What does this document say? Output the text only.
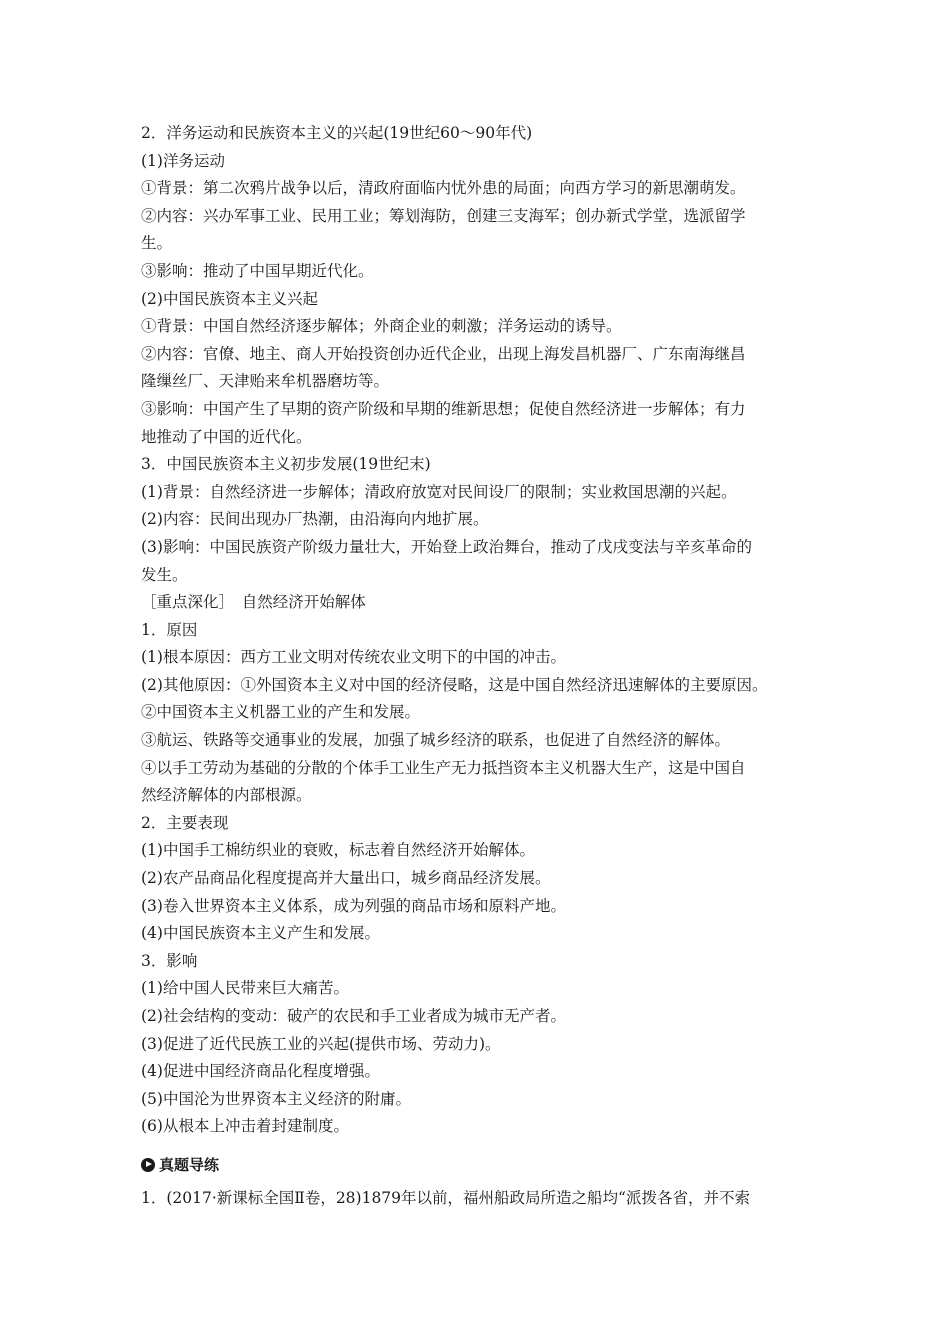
2．洋务运动和民族资本主义的兴起(19世纪60～90年代)

(1)洋务运动

①背景：第二次鸦片战争以后，清政府面临内忧外患的局面；向西方学习的新思潮萌发。

②内容：兴办军事工业、民用工业；筹划海防，创建三支海军；创办新式学堂，选派留学

生。

③影响：推动了中国早期近代化。

(2)中国民族资本主义兴起

①背景：中国自然经济逐步解体；外商企业的刺激；洋务运动的诱导。

②内容：官僚、地主、商人开始投资创办近代企业，出现上海发昌机器厂、广东南海继昌

隆缫丝厂、天津贻来牟机器磨坊等。

③影响：中国产生了早期的资产阶级和早期的维新思想；促使自然经济进一步解体；有力

地推动了中国的近代化。

3．中国民族资本主义初步发展(19世纪末)

(1)背景：自然经济进一步解体；清政府放宽对民间设厂的限制；实业救国思潮的兴起。

(2)内容：民间出现办厂热潮，由沿海向内地扩展。

(3)影响：中国民族资产阶级力量壮大，开始登上政治舞台，推动了戊戌变法与辛亥革命的

发生。

［重点深化］　自然经济开始解体

1．原因

(1)根本原因：西方工业文明对传统农业文明下的中国的冲击。

(2)其他原因：①外国资本主义对中国的经济侵略，这是中国自然经济迅速解体的主要原因。

②中国资本主义机器工业的产生和发展。

③航运、铁路等交通事业的发展，加强了城乡经济的联系，也促进了自然经济的解体。

④以手工劳动为基础的分散的个体手工业生产无力抵挡资本主义机器大生产，这是中国自

然经济解体的内部根源。

2．主要表现

(1)中国手工棉纺织业的衰败，标志着自然经济开始解体。

(2)农产品商品化程度提高并大量出口，城乡商品经济发展。

(3)卷入世界资本主义体系，成为列强的商品市场和原料产地。

(4)中国民族资本主义产生和发展。

3．影响

(1)给中国人民带来巨大痛苦。

(2)社会结构的变动：破产的农民和手工业者成为城市无产者。

(3)促进了近代民族工业的兴起(提供市场、劳动力)。

(4)促进中国经济商品化程度增强。

(5)中国沦为世界资本主义经济的附庸。

(6)从根本上冲击着封建制度。

真题导练

1．(2017·新课标全国Ⅱ卷，28)1879年以前，福州船政局所造之船均“派拨各省，并不索
